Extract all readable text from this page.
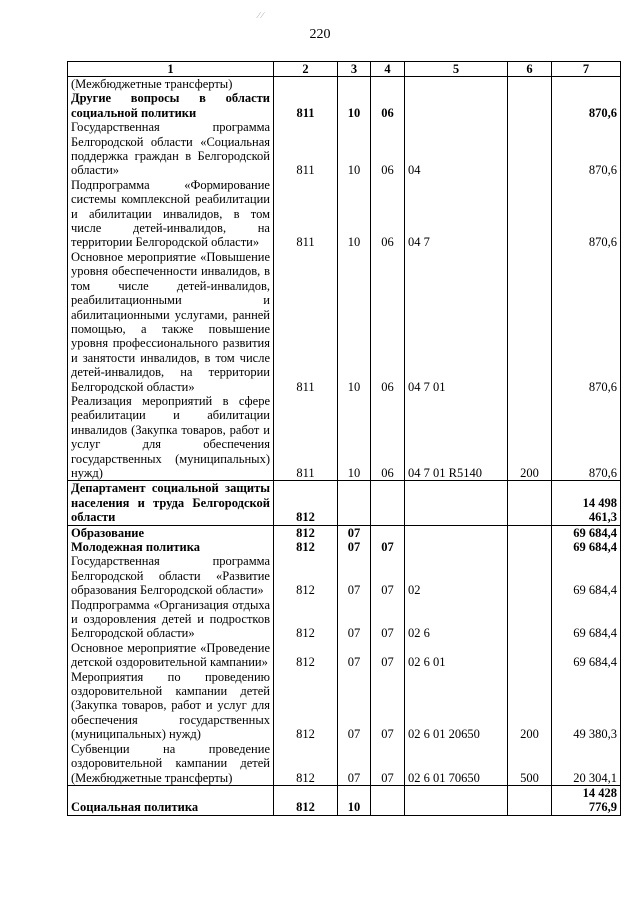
∕ ∕
220
1	2	3	4	5	6	7
(Межбюджетные трансферты)						
Другие вопросы в области социальной политики	811	10	06			870,6
Государственная программа Белгородской области «Социальная поддержка граждан в Белгородской области»	811	10	06	04		870,6
Подпрограмма «Формирование системы комплексной реабилитации и абилитации инвалидов, в том числе детей-инвалидов, на территории Белгородской области»	811	10	06	04 7		870,6
Основное мероприятие «Повышение уровня обеспеченности инвалидов, в том числе детей-инвалидов, реабилитационными и абилитационными услугами, ранней помощью, а также повышение уровня профессионального развития и занятости инвалидов, в том числе детей-инвалидов, на территории Белгородской области»	811	10	06	04 7 01		870,6
Реализация мероприятий в сфере реабилитации и абилитации инвалидов (Закупка товаров, работ и услуг для обеспечения государственных (муниципальных) нужд)	811	10	06	04 7 01 R5140	200	870,6
Департамент социальной защиты населения и труда Белгородской области	812					14 498 461,3
Образование	812	07				69 684,4
Молодежная политика	812	07	07			69 684,4
Государственная программа Белгородской области «Развитие образования Белгородской области»	812	07	07	02		69 684,4
Подпрограмма «Организация отдыха и оздоровления детей и подростков Белгородской области»	812	07	07	02 6		69 684,4
Основное мероприятие «Проведение детской оздоровительной кампании»	812	07	07	02 6 01		69 684,4
Мероприятия по проведению оздоровительной кампании детей (Закупка товаров, работ и услуг для обеспечения государственных (муниципальных) нужд)	812	07	07	02 6 01 20650	200	49 380,3
Субвенции на проведение оздоровительной кампании детей (Межбюджетные трансферты)	812	07	07	02 6 01 70650	500	20 304,1
Социальная политика	812	10				14 428 776,9
